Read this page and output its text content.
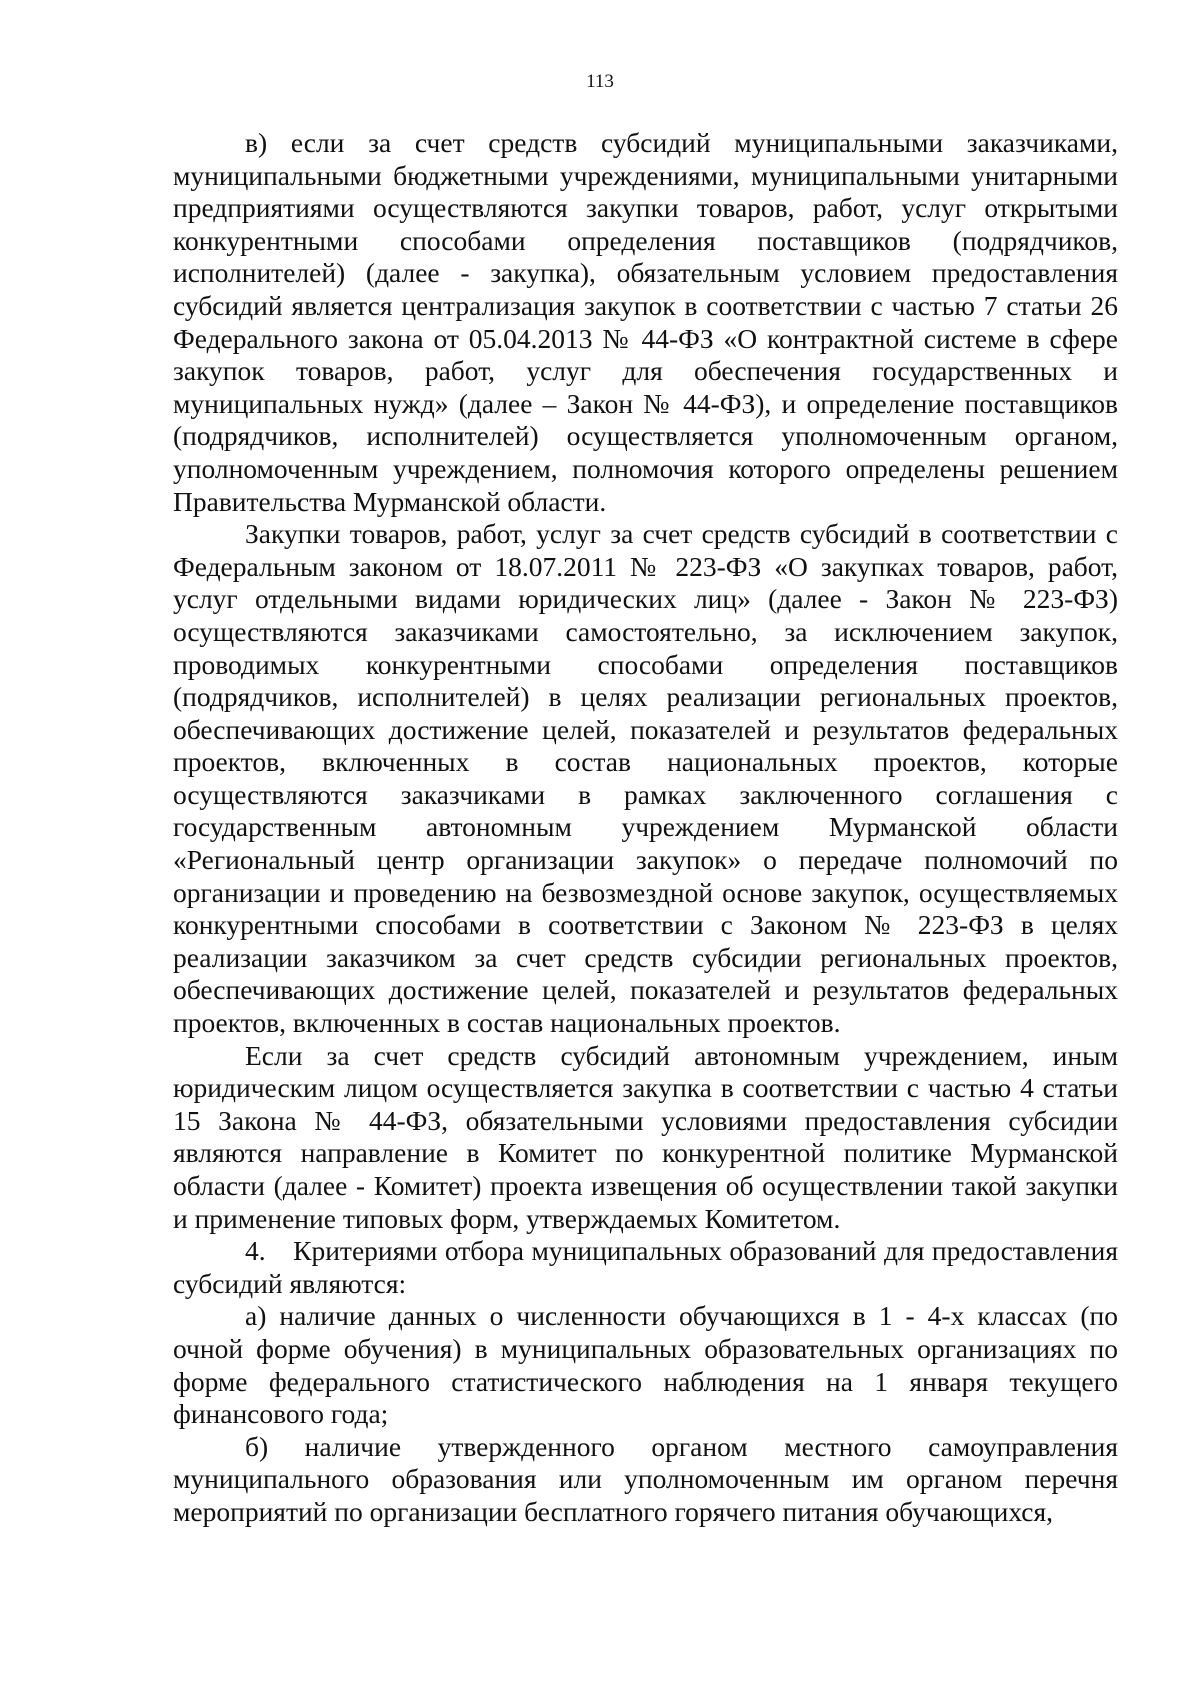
113

в) если за счет средств субсидий муниципальными заказчиками, муниципальными бюджетными учреждениями, муниципальными унитарными предприятиями осуществляются закупки товаров, работ, услуг открытыми конкурентными способами определения поставщиков (подрядчиков, исполнителей) (далее - закупка), обязательным условием предоставления субсидий является централизация закупок в соответствии с частью 7 статьи 26 Федерального закона от 05.04.2013 № 44-ФЗ «О контрактной системе в сфере закупок товаров, работ, услуг для обеспечения государственных и муниципальных нужд» (далее – Закон № 44-ФЗ), и определение поставщиков (подрядчиков, исполнителей) осуществляется уполномоченным органом, уполномоченным учреждением, полномочия которого определены решением Правительства Мурманской области.

Закупки товаров, работ, услуг за счет средств субсидий в соответствии с Федеральным законом от 18.07.2011 № 223-ФЗ «О закупках товаров, работ, услуг отдельными видами юридических лиц» (далее - Закон № 223-ФЗ) осуществляются заказчиками самостоятельно, за исключением закупок, проводимых конкурентными способами определения поставщиков (подрядчиков, исполнителей) в целях реализации региональных проектов, обеспечивающих достижение целей, показателей и результатов федеральных проектов, включенных в состав национальных проектов, которые осуществляются заказчиками в рамках заключенного соглашения с государственным автономным учреждением Мурманской области «Региональный центр организации закупок» о передаче полномочий по организации и проведению на безвозмездной основе закупок, осуществляемых конкурентными способами в соответствии с Законом № 223-ФЗ в целях реализации заказчиком за счет средств субсидии региональных проектов, обеспечивающих достижение целей, показателей и результатов федеральных проектов, включенных в состав национальных проектов.

Если за счет средств субсидий автономным учреждением, иным юридическим лицом осуществляется закупка в соответствии с частью 4 статьи 15 Закона № 44-ФЗ, обязательными условиями предоставления субсидии являются направление в Комитет по конкурентной политике Мурманской области (далее - Комитет) проекта извещения об осуществлении такой закупки и применение типовых форм, утверждаемых Комитетом.

4. Критериями отбора муниципальных образований для предоставления субсидий являются:

а) наличие данных о численности обучающихся в 1 - 4-х классах (по очной форме обучения) в муниципальных образовательных организациях по форме федерального статистического наблюдения на 1 января текущего финансового года;

б) наличие утвержденного органом местного самоуправления муниципального образования или уполномоченным им органом перечня мероприятий по организации бесплатного горячего питания обучающихся,
